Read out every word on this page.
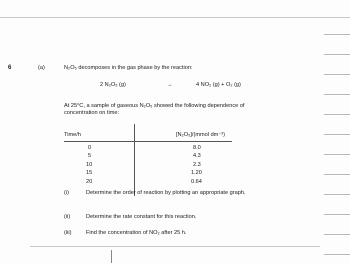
6	(a)	N₂O₅ decomposes in the gas phase by the reaction:
2 N₂O₅ (g)	→	4 NO₂ (g) + O₂ (g)
At 25°C, a sample of gaseous N₂O₅ showed the following dependence of
concentration on time:
Time/h	[N₂O₅]/(mmol dm⁻³)
0	8.0
5	4.3
10	2.3
15	1.20
20	0.64
(i)	Determine the order of reaction by plotting an appropriate graph.
(ii)	Determine the rate constant for this reaction.
(iii)	Find the concentration of NO₂ after 25 h.
